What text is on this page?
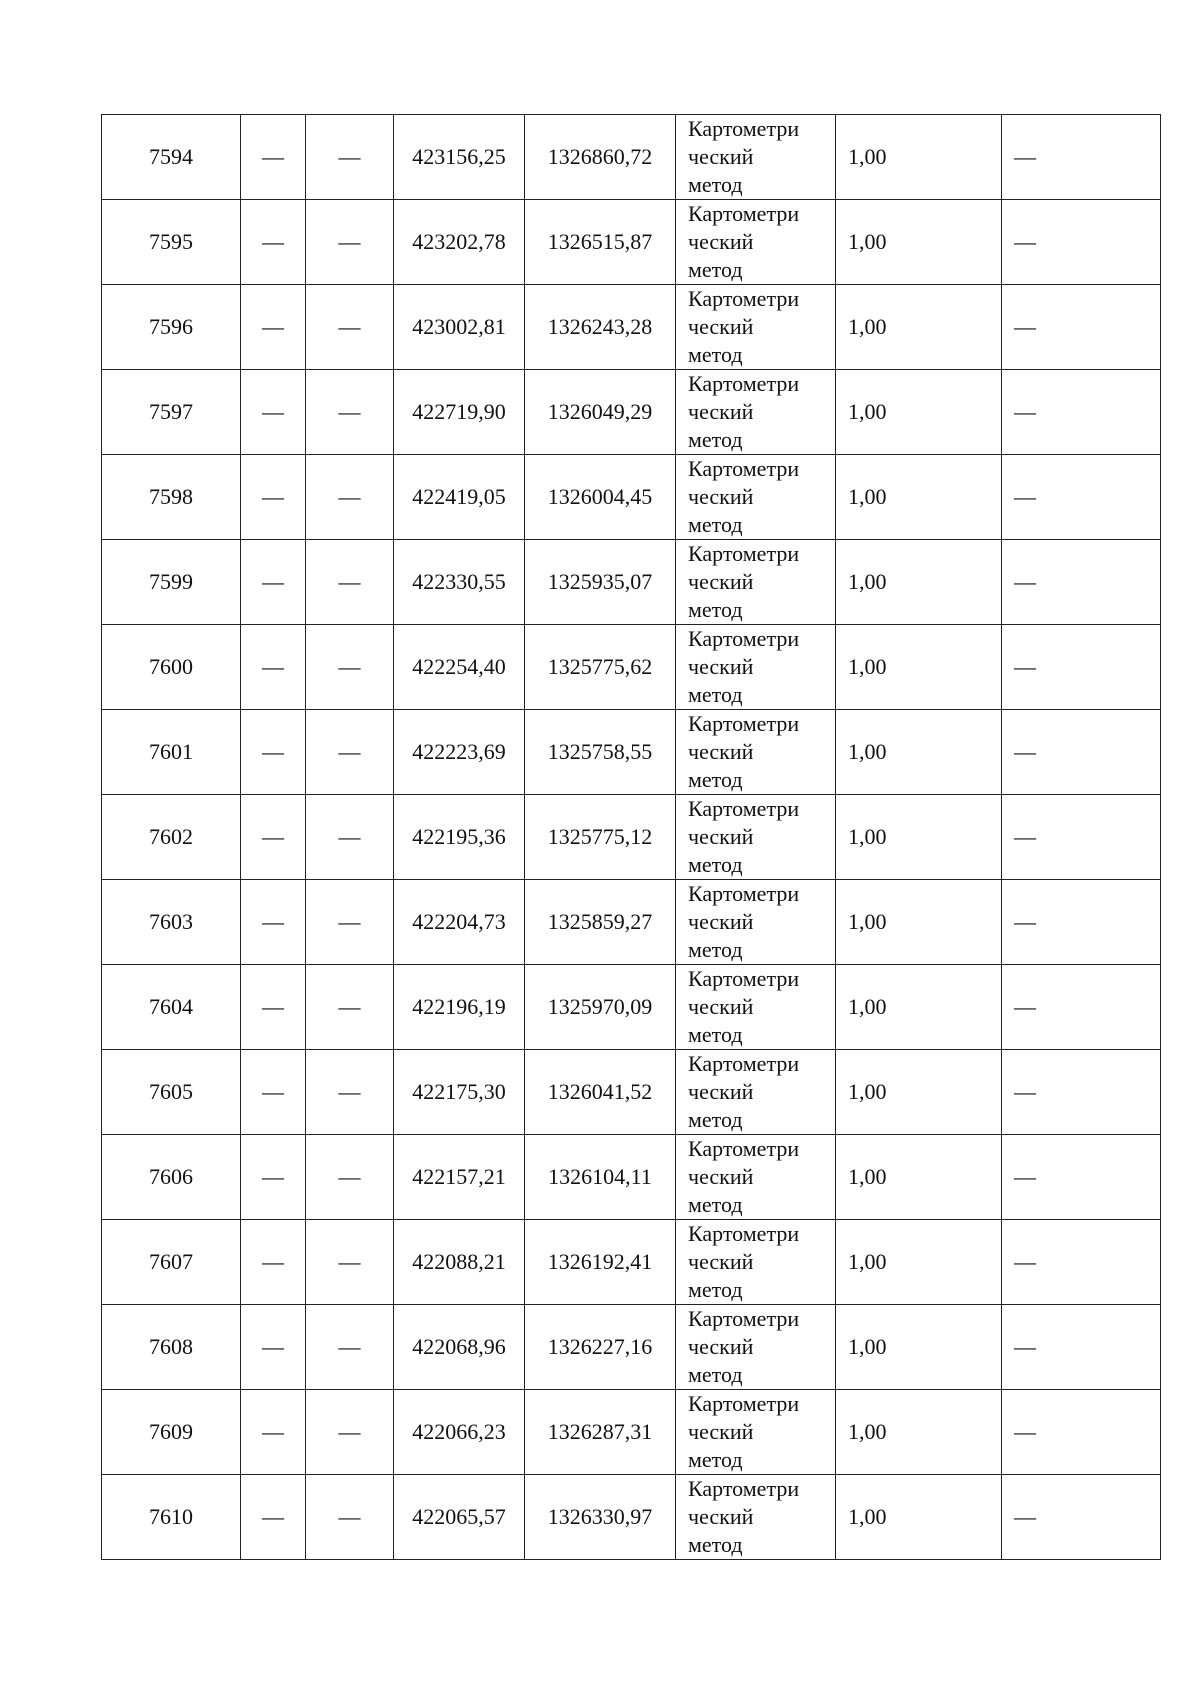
7594	—	—	423156,25	1326860,72	Картометри
ческий
метод	1,00	—
7595	—	—	423202,78	1326515,87	Картометри
ческий
метод	1,00	—
7596	—	—	423002,81	1326243,28	Картометри
ческий
метод	1,00	—
7597	—	—	422719,90	1326049,29	Картометри
ческий
метод	1,00	—
7598	—	—	422419,05	1326004,45	Картометри
ческий
метод	1,00	—
7599	—	—	422330,55	1325935,07	Картометри
ческий
метод	1,00	—
7600	—	—	422254,40	1325775,62	Картометри
ческий
метод	1,00	—
7601	—	—	422223,69	1325758,55	Картометри
ческий
метод	1,00	—
7602	—	—	422195,36	1325775,12	Картометри
ческий
метод	1,00	—
7603	—	—	422204,73	1325859,27	Картометри
ческий
метод	1,00	—
7604	—	—	422196,19	1325970,09	Картометри
ческий
метод	1,00	—
7605	—	—	422175,30	1326041,52	Картометри
ческий
метод	1,00	—
7606	—	—	422157,21	1326104,11	Картометри
ческий
метод	1,00	—
7607	—	—	422088,21	1326192,41	Картометри
ческий
метод	1,00	—
7608	—	—	422068,96	1326227,16	Картометри
ческий
метод	1,00	—
7609	—	—	422066,23	1326287,31	Картометри
ческий
метод	1,00	—
7610	—	—	422065,57	1326330,97	Картометри
ческий
метод	1,00	—
